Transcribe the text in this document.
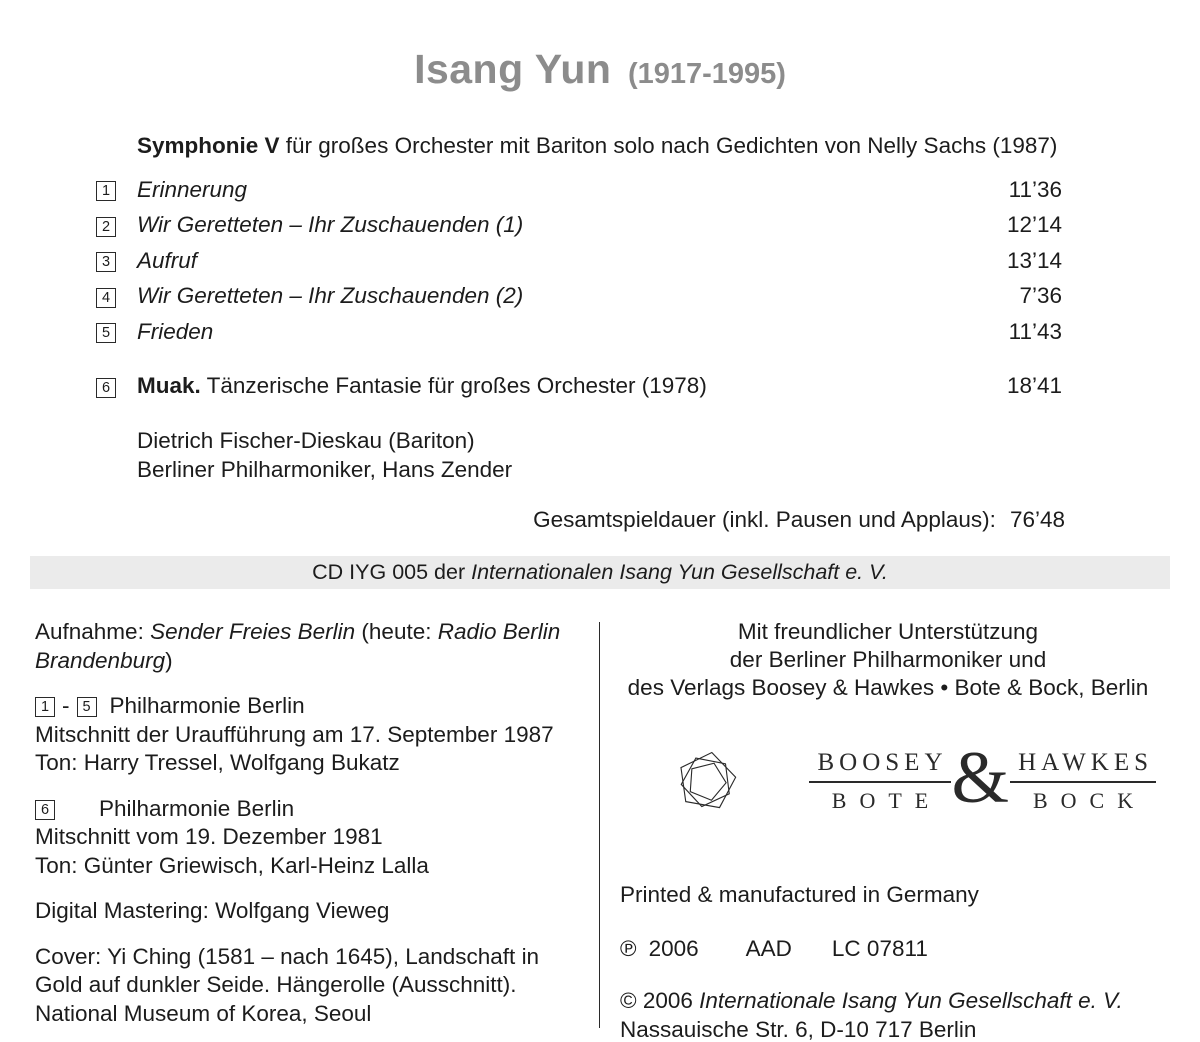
Isang Yun (1917-1995)
Symphonie V für großes Orchester mit Bariton solo nach Gedichten von Nelly Sachs (1987)
1 Erinnerung	11’36
2 Wir Geretteten – Ihr Zuschauenden (1)	12’14
3 Aufruf	13’14
4 Wir Geretteten – Ihr Zuschauenden (2)	7’36
5 Frieden	11’43
6 Muak. Tänzerische Fantasie für großes Orchester (1978)	18’41
Dietrich Fischer-Dieskau (Bariton)
Berliner Philharmoniker, Hans Zender
Gesamtspieldauer (inkl. Pausen und Applaus): 76’48
CD IYG 005 der Internationalen Isang Yun Gesellschaft e. V.
Aufnahme: Sender Freies Berlin (heute: Radio Berlin Brandenburg)
1 - 5 Philharmonie Berlin
Mitschnitt der Uraufführung am 17. September 1987
Ton: Harry Tressel, Wolfgang Bukatz
6 Philharmonie Berlin
Mitschnitt vom 19. Dezember 1981
Ton: Günter Griewisch, Karl-Heinz Lalla
Digital Mastering: Wolfgang Vieweg
Cover: Yi Ching (1581 – nach 1645), Landschaft in
Gold auf dunkler Seide. Hängerolle (Ausschnitt).
National Museum of Korea, Seoul
Mit freundlicher Unterstützung
der Berliner Philharmoniker und
des Verlags Boosey & Hawkes • Bote & Bock, Berlin
BOOSEY
BOTE & HAWKES
BOCK
Printed & manufactured in Germany
℗ 2006 AAD LC 07811
© 2006 Internationale Isang Yun Gesellschaft e. V.
Nassauische Str. 6, D-10 717 Berlin
